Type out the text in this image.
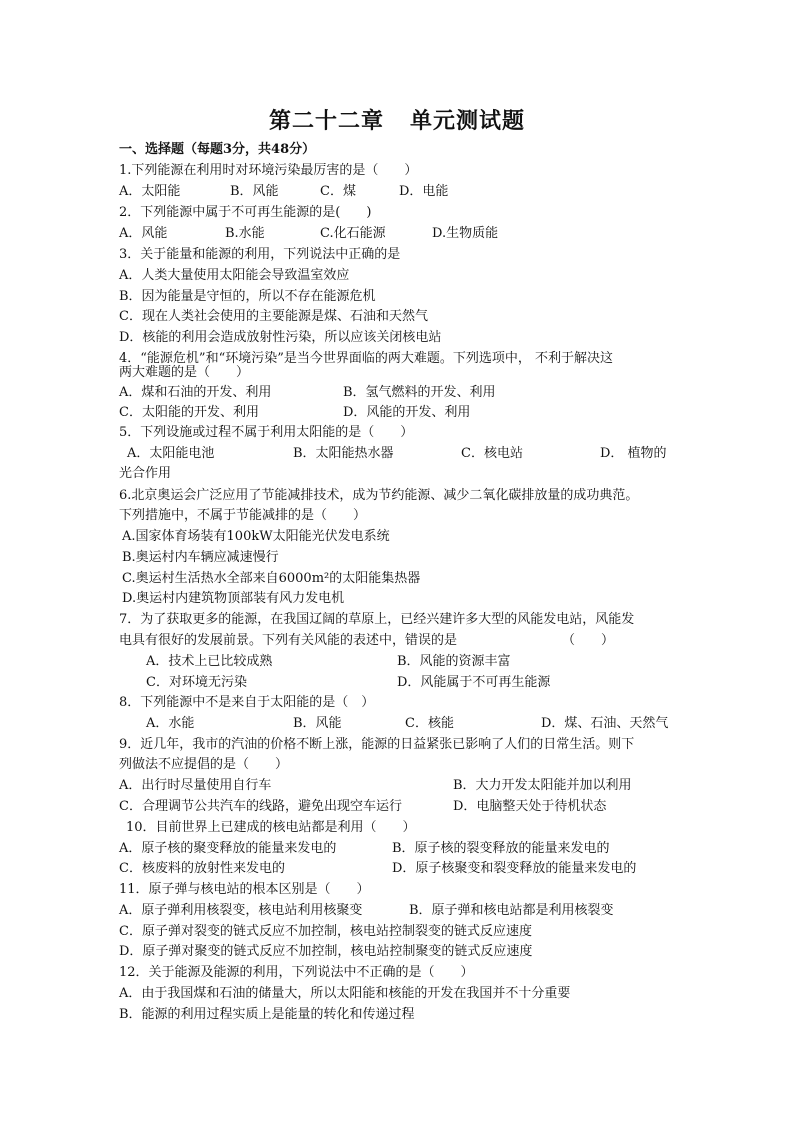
第二十二章 单元测试题
一、选择题（每题3分，共48分）
1.下列能源在利用时对环境污染最厉害的是（　　）
A．太阳能	B．风能	C．煤	D．电能
2．下列能源中属于不可再生能源的是(　　)
A．风能	B.水能	C.化石能源	D.生物质能
3．关于能量和能源的利用，下列说法中正确的是
A．人类大量使用太阳能会导致温室效应
B．因为能量是守恒的，所以不存在能源危机
C．现在人类社会使用的主要能源是煤、石油和天然气
D．核能的利用会造成放射性污染，所以应该关闭核电站
4．“能源危机”和“环境污染”是当今世界面临的两大难题。下列选项中， 不利于解决这
两大难题的是（　　）
A．煤和石油的开发、利用	B．氢气燃料的开发、利用
C．太阳能的开发、利用	D．风能的开发、利用
5．下列设施或过程不属于利用太阳能的是（　　）
A．太阳能电池	B．太阳能热水器	C．核电站	D． 植物的
光合作用
6.北京奥运会广泛应用了节能减排技术，成为节约能源、减少二氧化碳排放量的成功典范。
下列措施中，不属于节能减排的是（　　）
A.国家体育场装有100kW太阳能光伏发电系统
B.奥运村内车辆应减速慢行
C.奥运村生活热水全部来自6000m²的太阳能集热器
D.奥运村内建筑物顶部装有风力发电机
7．为了获取更多的能源，在我国辽阔的草原上，已经兴建许多大型的风能发电站，风能发
电具有很好的发展前景。下列有关风能的表述中，错误的是	（　　）
A．技术上已比较成熟	B．风能的资源丰富
C．对环境无污染	D．风能属于不可再生能源
8．下列能源中不是来自于太阳能的是（　）
A．水能	B．风能	C．核能	D．煤、石油、天然气
9．近几年，我市的汽油的价格不断上涨，能源的日益紧张已影响了人们的日常生活。则下
列做法不应提倡的是（　　）
A．出行时尽量使用自行车	B．大力开发太阳能并加以利用
C．合理调节公共汽车的线路，避免出现空车运行	D．电脑整天处于待机状态
10．目前世界上已建成的核电站都是利用（　　）
A．原子核的聚变释放的能量来发电的	B．原子核的裂变释放的能量来发电的
C．核废料的放射性来发电的	D．原子核聚变和裂变释放的能量来发电的
11．原子弹与核电站的根本区别是（　　）
A．原子弹利用核裂变，核电站利用核聚变	B．原子弹和核电站都是利用核裂变
C．原子弹对裂变的链式反应不加控制，核电站控制裂变的链式反应速度
D．原子弹对聚变的链式反应不加控制，核电站控制聚变的链式反应速度
12．关于能源及能源的利用，下列说法中不正确的是（　　）
A．由于我国煤和石油的储量大，所以太阳能和核能的开发在我国并不十分重要
B．能源的利用过程实质上是能量的转化和传递过程
